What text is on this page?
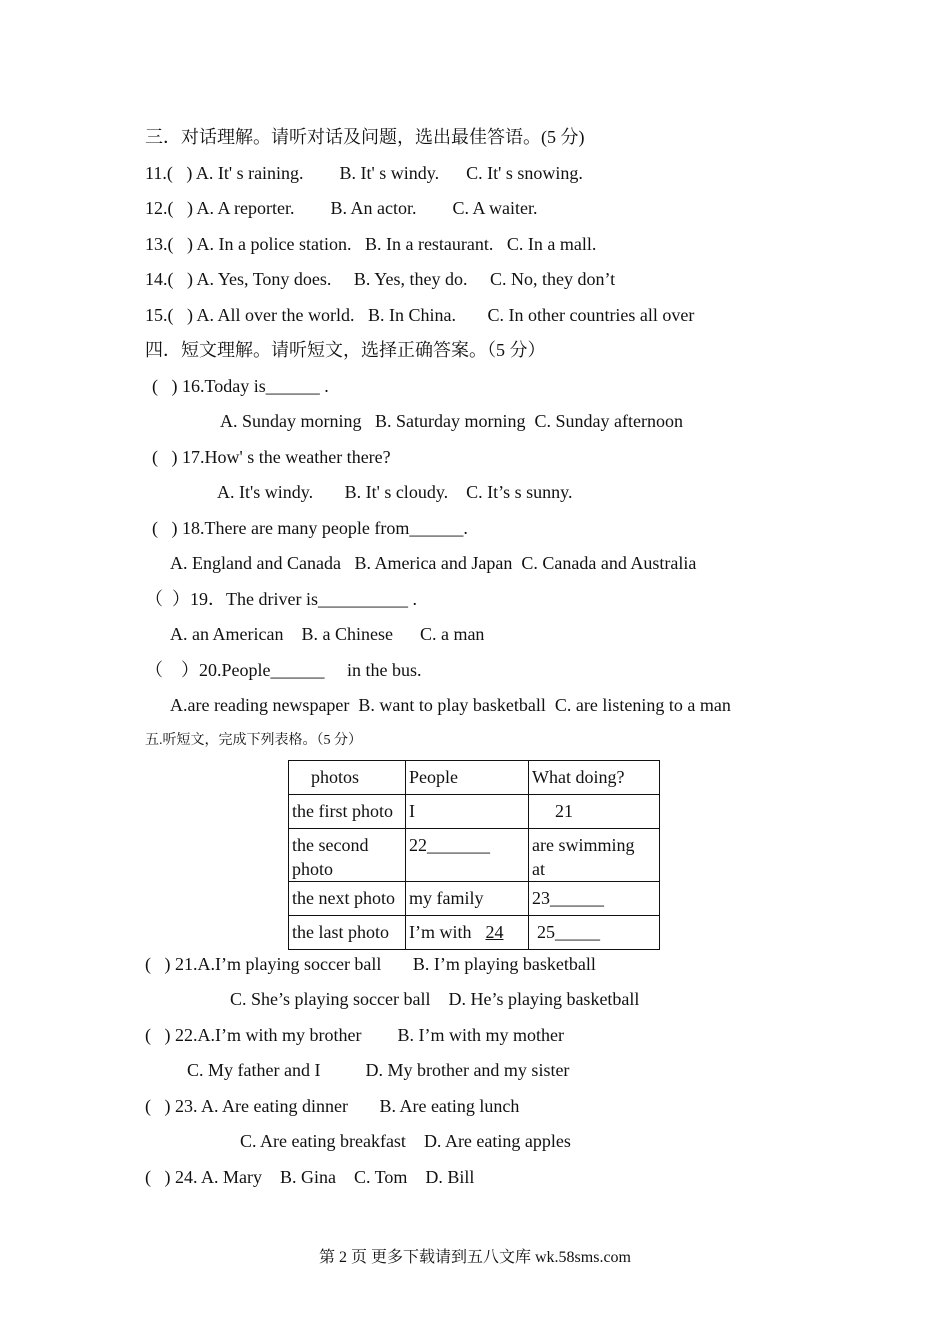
三．对话理解。请听对话及问题，选出最佳答语。(5 分)
11.(   ) A. It' s raining.        B. It' s windy.      C. It' s snowing.
12.(   ) A. A reporter.        B. An actor.        C. A waiter.
13.(   ) A. In a police station.   B. In a restaurant.   C. In a mall.
14.(   ) A. Yes, Tony does.     B. Yes, they do.     C. No, they don’t
15.(   ) A. All over the world.   B. In China.       C. In other countries all over
四．短文理解。请听短文，选择正确答案。（5 分）
(   ) 16.Today is______ .
A. Sunday morning   B. Saturday morning  C. Sunday afternoon
(   ) 17.How' s the weather there?
A. It's windy.       B. It' s cloudy.    C. It’s s sunny.
(   ) 18.There are many people from______.
A. England and Canada   B. America and Japan  C. Canada and Australia
（  ）19．The driver is__________ .
A. an American    B. a Chinese      C. a man
（    ）20.People______     in the bus.
A.are reading newspaper  B. want to play basketball  C. are listening to a man
五.听短文，完成下列表格。（5 分）
photos	People	What doing?
the first photo	I	21

the second photo	22_______	are swimming at

the next photo	my family	23______
the last photo	I’m with 24	25_____
(   ) 21.A.I’m playing soccer ball       B. I’m playing basketball
C. She’s playing soccer ball    D. He’s playing basketball
(   ) 22.A.I’m with my brother        B. I’m with my mother
C. My father and I          D. My brother and my sister
(   ) 23. A. Are eating dinner       B. Are eating lunch
C. Are eating breakfast    D. Are eating apples
(   ) 24. A. Mary    B. Gina    C. Tom    D. Bill
第 2 页 更多下载请到五八文库 wk.58sms.com
